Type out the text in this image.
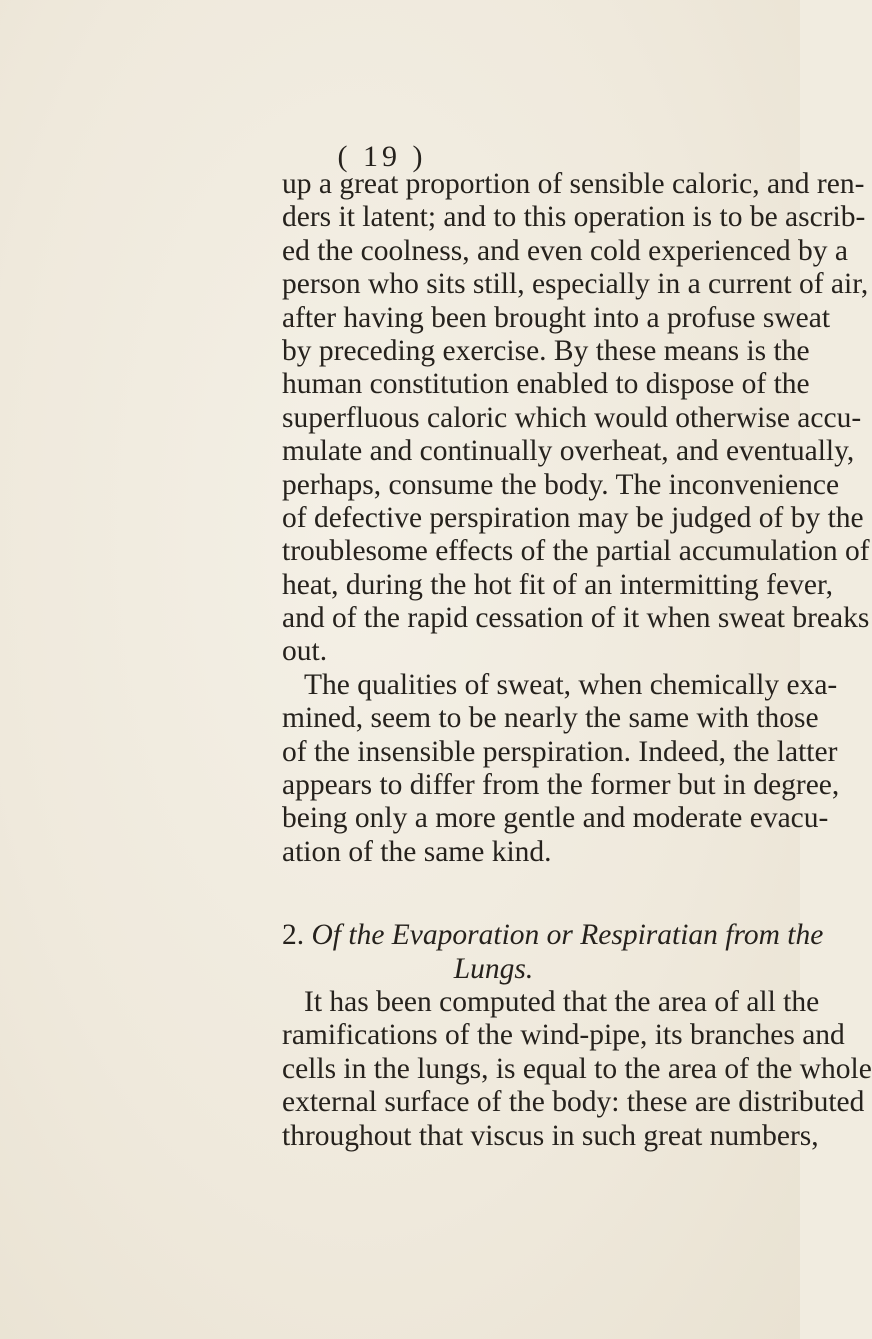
( 19 )
up a great proportion of sensible caloric, and ren-
ders it latent; and to this operation is to be ascrib-
ed the coolness, and even cold experienced by a
person who sits still, especially in a current of air,
after having been brought into a profuse sweat
by preceding exercise. By these means is the
human constitution enabled to dispose of the
superfluous caloric which would otherwise accu-
mulate and continually overheat, and eventually,
perhaps, consume the body. The inconvenience
of defective perspiration may be judged of by the
troublesome effects of the partial accumulation of
heat, during the hot fit of an intermitting fever,
and of the rapid cessation of it when sweat breaks
out.
The qualities of sweat, when chemically exa-
mined, seem to be nearly the same with those
of the insensible perspiration. Indeed, the latter
appears to differ from the former but in degree,
being only a more gentle and moderate evacu-
ation of the same kind.
2. Of the Evaporation or Respiratian from the
Lungs.
It has been computed that the area of all the
ramifications of the wind-pipe, its branches and
cells in the lungs, is equal to the area of the whole
external surface of the body: these are distributed
throughout that viscus in such great numbers,
